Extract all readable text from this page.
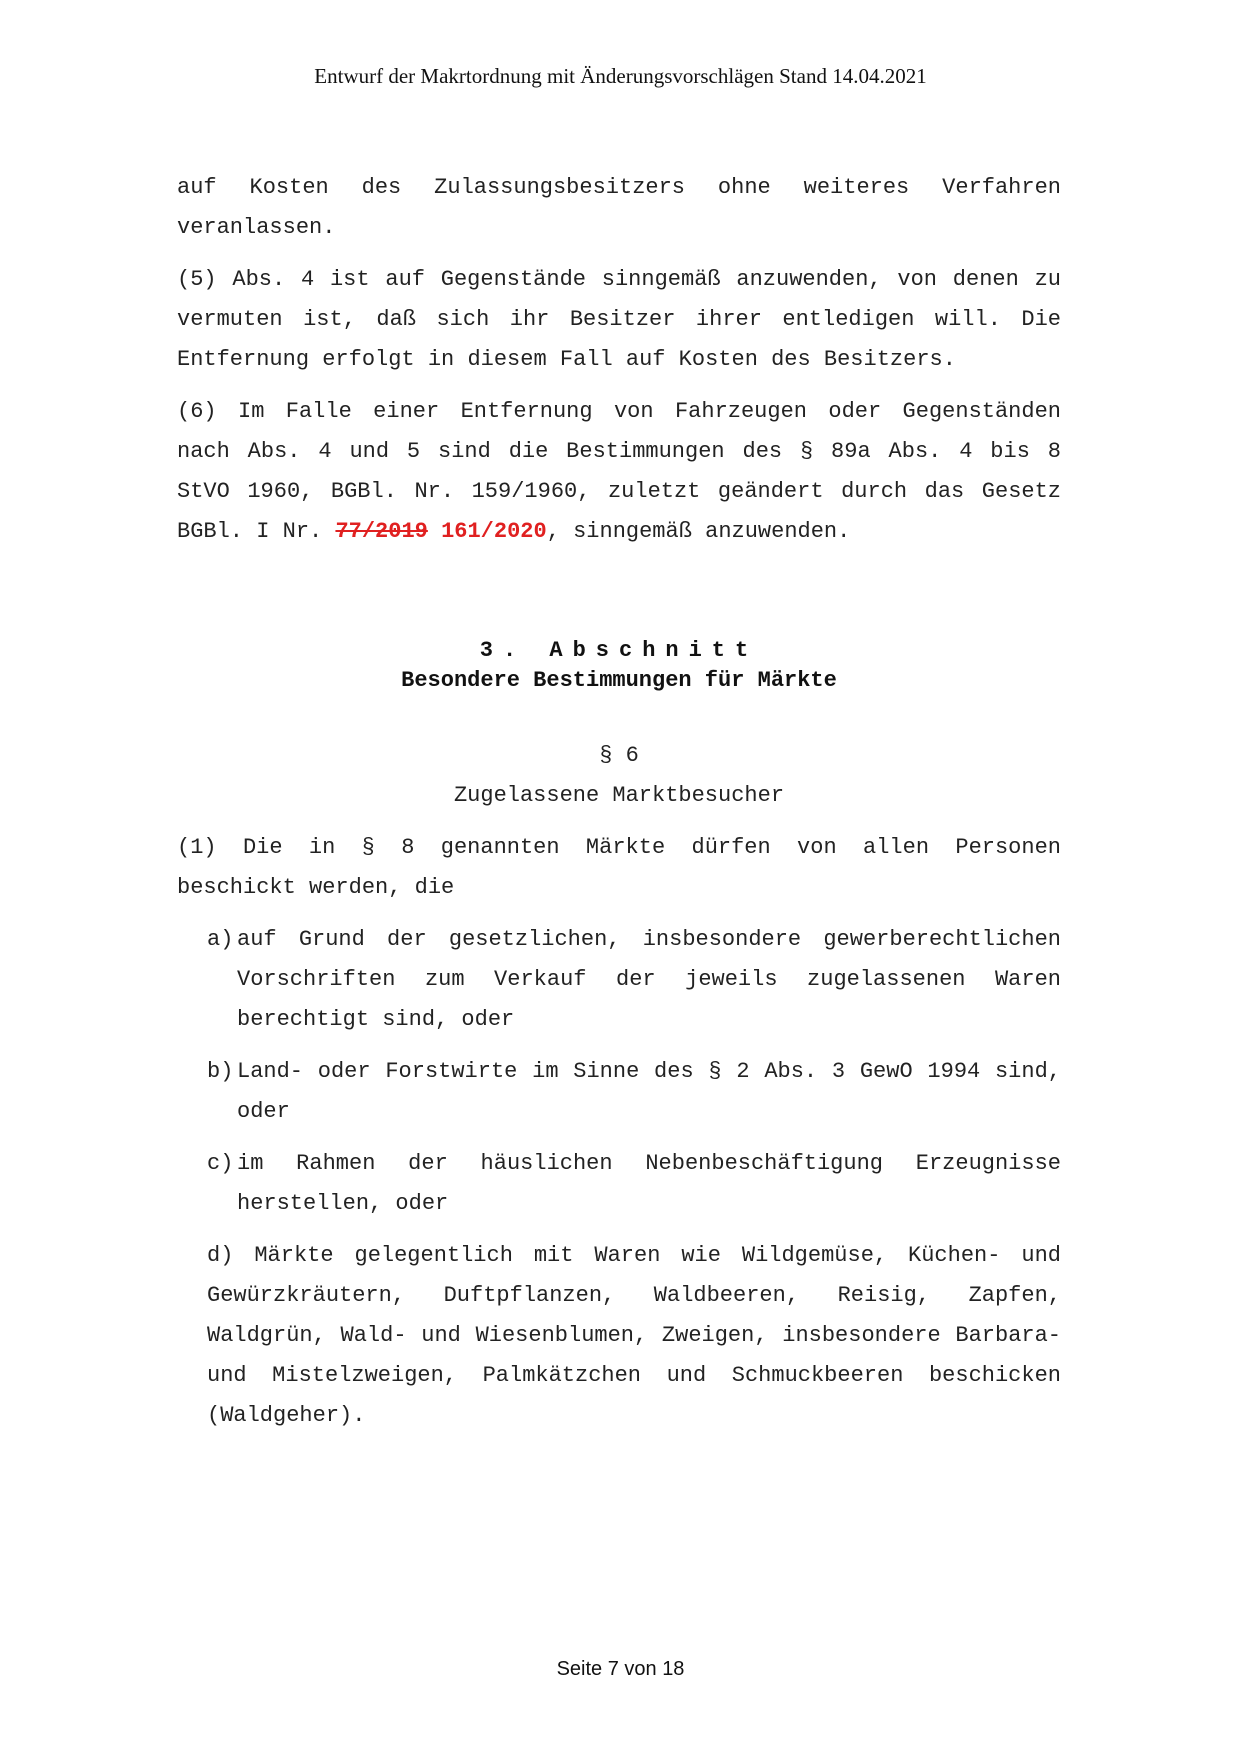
Entwurf der Makrtordnung mit Änderungsvorschlägen Stand 14.04.2021

auf Kosten des Zulassungsbesitzers ohne weiteres Verfahren veranlassen.

(5) Abs. 4 ist auf Gegenstände sinngemäß anzuwenden, von denen zu vermuten ist, daß sich ihr Besitzer ihrer entledigen will. Die Entfernung erfolgt in diesem Fall auf Kosten des Besitzers.

(6) Im Falle einer Entfernung von Fahrzeugen oder Gegenständen nach Abs. 4 und 5 sind die Bestimmungen des § 89a Abs. 4 bis 8 StVO 1960, BGBl. Nr. 159/1960, zuletzt geändert durch das Gesetz BGBl. I Nr. 77/2019 161/2020, sinngemäß anzuwenden.

3. Abschnitt

Besondere Bestimmungen für Märkte

§ 6

Zugelassene Marktbesucher

(1) Die in § 8 genannten Märkte dürfen von allen Personen beschickt werden, die

a) auf Grund der gesetzlichen, insbesondere gewerberechtlichen Vorschriften zum Verkauf der jeweils zugelassenen Waren berechtigt sind, oder
b) Land- oder Forstwirte im Sinne des § 2 Abs. 3 GewO 1994 sind, oder
c) im Rahmen der häuslichen Nebenbeschäftigung Erzeugnisse herstellen, oder

d) Märkte gelegentlich mit Waren wie Wildgemüse, Küchen- und Gewürzkräutern, Duftpflanzen, Waldbeeren, Reisig, Zapfen, Waldgrün, Wald- und Wiesenblumen, Zweigen, insbesondere Barbara- und Mistelzweigen, Palmkätzchen und Schmuckbeeren beschicken (Waldgeher).

Seite 7 von 18
